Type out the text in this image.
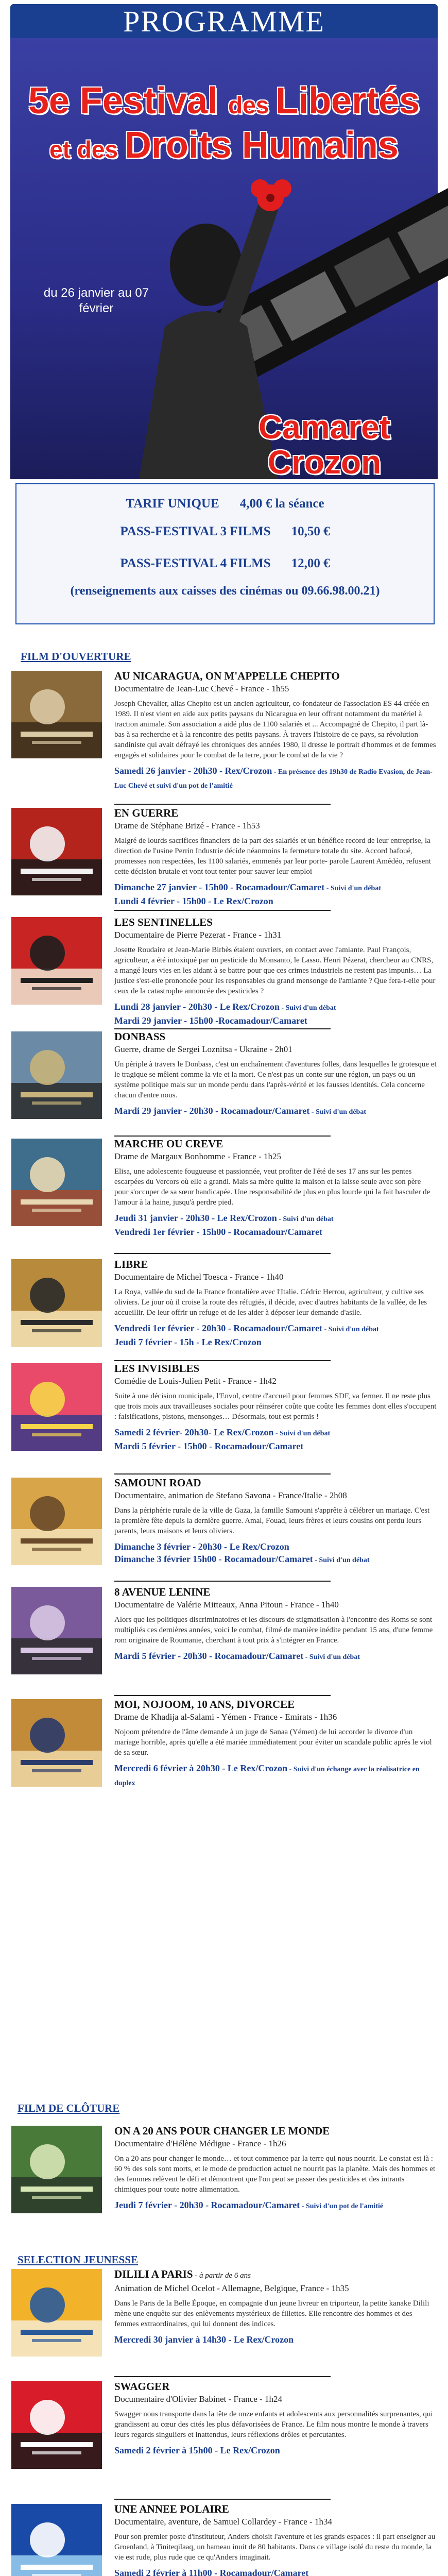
PROGRAMME
5e Festival des Libertés
et des Droits Humains
du 26 janvier au 07 février
Camaret
Crozon
TARIF UNIQUE 4,00 € la séance
PASS-FESTIVAL 3 FILMS 10,50 €
PASS-FESTIVAL 4 FILMS 12,00 €
(renseignements aux caisses des cinémas ou 09.66.98.00.21)
FILM D'OUVERTURE
FILM DE CLÔTURE
SELECTION JEUNESSE

AU NICARAGUA, ON M'APPELLE CHEPITO

Documentaire de Jean-Luc Chevé - France - 1h55

Joseph Chevalier, alias Chepito est un ancien agriculteur, co-fondateur de l'association ES 44 créée en 1989. Il n'est vient en aide aux petits paysans du Nicaragua en leur offrant notamment du matériel à traction animale. Son association a aidé plus de 1100 salariés et ... Accompagné de Chepito, il part là-bas à sa recherche et à la rencontre des petits paysans. À travers l'histoire de ce pays, sa révolution sandiniste qui avait défrayé les chroniques des années 1980, il dresse le portrait d'hommes et de femmes engagés et solidaires pour le combat de la terre, pour le combat de la vie ?

Samedi 26 janvier - 20h30 - Rex/Crozon - En présence des 19h30 de Radio Evasion, de Jean-Luc Chevé et suivi d'un pot de l'amitié

EN GUERRE

Drame de Stéphane Brizé - France - 1h53

Malgré de lourds sacrifices financiers de la part des salariés et un bénéfice record de leur entreprise, la direction de l'usine Perrin Industrie décide néanmoins la fermeture totale du site. Accord bafoué, promesses non respectées, les 1100 salariés, emmenés par leur porte- parole Laurent Amédéo, refusent cette décision brutale et vont tout tenter pour sauver leur emploi

Dimanche 27 janvier - 15h00 - Rocamadour/Camaret - Suivi d'un débat

Lundi 4 février - 15h00 - Le Rex/Crozon

LES SENTINELLES

Documentaire de Pierre Pezerat - France - 1h31

Josette Roudaire et Jean-Marie Birbès étaient ouvriers, en contact avec l'amiante. Paul François, agriculteur, a été intoxiqué par un pesticide du Monsanto, le Lasso. Henri Pézerat, chercheur au CNRS, a mangé leurs vies en les aidant à se battre pour que ces crimes industriels ne restent pas impunis… La justice s'est-elle prononcée pour les responsables du grand mensonge de l'amiante ? Que fera-t-elle pour ceux de la catastrophe annoncée des pesticides ?

Lundi 28 janvier - 20h30 - Le Rex/Crozon - Suivi d'un débat

Mardi 29 janvier - 15h00 -Rocamadour/Camaret

DONBASS

Guerre, drame de Sergei Loznitsa - Ukraine - 2h01

Un périple à travers le Donbass, c'est un enchaînement d'aventures folles, dans lesquelles le grotesque et le tragique se mêlent comme la vie et la mort. Ce n'est pas un conte sur une région, un pays ou un système politique mais sur un monde perdu dans l'après-vérité et les fausses identités. Cela concerne chacun d'entre nous.

Mardi 29 janvier - 20h30 - Rocamadour/Camaret - Suivi d'un débat

MARCHE OU CREVE

Drame de Margaux Bonhomme - France - 1h25

Elisa, une adolescente fougueuse et passionnée, veut profiter de l'été de ses 17 ans sur les pentes escarpées du Vercors où elle a grandi. Mais sa mère quitte la maison et la laisse seule avec son père pour s'occuper de sa sœur handicapée. Une responsabilité de plus en plus lourde qui la fait basculer de l'amour à la haine, jusqu'à perdre pied.

Jeudi 31 janvier - 20h30 - Le Rex/Crozon - Suivi d'un débat

Vendredi 1er février - 15h00 - Rocamadour/Camaret

LIBRE

Documentaire de Michel Toesca - France - 1h40

La Roya, vallée du sud de la France frontalière avec l'Italie. Cédric Herrou, agriculteur, y cultive ses oliviers. Le jour où il croise la route des réfugiés, il décide, avec d'autres habitants de la vallée, de les accueillir. De leur offrir un refuge et de les aider à déposer leur demande d'asile.

Vendredi 1er février - 20h30 - Rocamadour/Camaret - Suivi d'un débat

Jeudi 7 février - 15h - Le Rex/Crozon

LES INVISIBLES

Comédie de Louis-Julien Petit - France - 1h42

Suite à une décision municipale, l'Envol, centre d'accueil pour femmes SDF, va fermer. Il ne reste plus que trois mois aux travailleuses sociales pour réinsérer coûte que coûte les femmes dont elles s'occupent : falsifications, pistons, mensonges… Désormais, tout est permis !

Samedi 2 février- 20h30- Le Rex/Crozon - Suivi d'un débat

Mardi 5 février - 15h00 - Rocamadour/Camaret

SAMOUNI ROAD

Documentaire, animation de Stefano Savona - France/Italie - 2h08

Dans la périphérie rurale de la ville de Gaza, la famille Samouni s'apprête à célébrer un mariage. C'est la première fête depuis la dernière guerre. Amal, Fouad, leurs frères et leurs cousins ont perdu leurs parents, leurs maisons et leurs oliviers.

Dimanche 3 février - 20h30 - Le Rex/Crozon

Dimanche 3 février 15h00 - Rocamadour/Camaret - Suivi d'un débat

8 AVENUE LENINE

Documentaire de Valérie Mitteaux, Anna Pitoun - France - 1h40

Alors que les politiques discriminatoires et les discours de stigmatisation à l'encontre des Roms se sont multipliés ces dernières années, voici le combat, filmé de manière inédite pendant 15 ans, d'une femme rom originaire de Roumanie, cherchant à tout prix à s'intégrer en France.

Mardi 5 février - 20h30 - Rocamadour/Camaret - Suivi d'un débat

MOI, NOJOOM, 10 ANS, DIVORCEE

Drame de Khadija al-Salami - Yémen - France - Emirats - 1h36

Nojoom prétendre de l'âme demande à un juge de Sanaa (Yémen) de lui accorder le divorce d'un mariage horrible, après qu'elle a été mariée immédiatement pour éviter un scandale public après le viol de sa sœur.

Mercredi 6 février à 20h30 - Le Rex/Crozon - Suivi d'un échange avec la réalisatrice en duplex

ON A 20 ANS POUR CHANGER LE MONDE

Documentaire d'Hélène Médigue - France - 1h26

On a 20 ans pour changer le monde… et tout commence par la terre qui nous nourrit. Le constat est là : 60 % des sols sont morts, et le mode de production actuel ne nourrit pas la planète. Mais des hommes et des femmes relèvent le défi et démontrent que l'on peut se passer des pesticides et des intrants chimiques pour toute notre alimentation.

Jeudi 7 février - 20h30 - Rocamadour/Camaret - Suivi d'un pot de l'amitié

DILILI A PARIS - à partir de 6 ans

Animation de Michel Ocelot - Allemagne, Belgique, France - 1h35

Dans le Paris de la Belle Époque, en compagnie d'un jeune livreur en triporteur, la petite kanake Dilili mène une enquête sur des enlèvements mystérieux de fillettes. Elle rencontre des hommes et des femmes extraordinaires, qui lui donnent des indices.

Mercredi 30 janvier à 14h30 - Le Rex/Crozon

SWAGGER

Documentaire d'Olivier Babinet - France - 1h24

Swagger nous transporte dans la tête de onze enfants et adolescents aux personnalités surprenantes, qui grandissent au cœur des cités les plus défavorisées de France. Le film nous montre le monde à travers leurs regards singuliers et inattendus, leurs réflexions drôles et percutantes.

Samedi 2 février à 15h00 - Le Rex/Crozon

UNE ANNEE POLAIRE

Documentaire, aventure, de Samuel Collardey - France - 1h34

Pour son premier poste d'instituteur, Anders choisit l'aventure et les grands espaces : il part enseigner au Groenland, à Tiniteqilaaq, un hameau inuit de 80 habitants. Dans ce village isolé du reste du monde, la vie est rude, plus rude que ce qu'Anders imaginait.

Samedi 2 février à 11h00 - Rocamadour/Camaret
